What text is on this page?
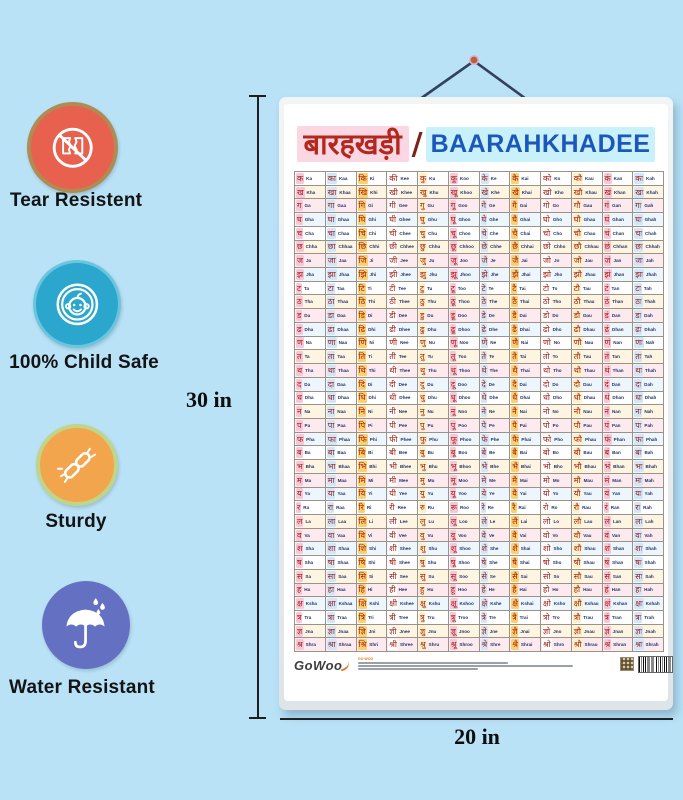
Tear Resistent
100% Child Safe
Sturdy
Water Resistant
30 in
20 in
बारहखड़ी / BAARAHKHADEE
क Ka का Kaa कि Ki की Kee कु Ku कू Koo के Ke कै Kai को Ko कौ Kau कं Kan कः Kah
ख Kha खा Khaa खि Khi खी Khee खु Khu खू Khoo खे Khe खै Khai खो Kho खौ Khau खं Khan खः Khah
ग Ga गा Gaa गि Gi गी Gee गु Gu गू Goo गे Ge गै Gai गो Go गौ Gau गं Gan गः Gah
घ Gha घा Ghaa घि Ghi घी Ghee घु Ghu घू Ghoo घे Ghe घै Ghai घो Gho घौ Ghau घं Ghan घः Ghah
च Cha चा Chaa चि Chi ची Chee चु Chu चू Choo चे Che चै Chai चो Cho चौ Chau चं Chan चः Chah
छ Chha छा Chhaa छि Chhi छी Chhee छु Chhu छू Chhoo छे Chhe छै Chhai छो Chho छौ Chhau छं Chhan छः Chhah
ज Ja जा Jaa जि Ji जी Jee जु Ju जू Joo जे Je जै Jai जो Jo जौ Jau जं Jan जः Jah
झ Jha झा Jhaa झि Jhi झी Jhee झु Jhu झू Jhoo झे Jhe झै Jhai झो Jho झौ Jhau झं Jhan झः Jhah
ट Ta टा Taa टि Ti टी Tee टु Tu टू Too टे Te टै Tai टो To टौ Tau टं Tan टः Tah
ठ Tha ठा Thaa ठि Thi ठी Thee ठु Thu ठू Thoo ठे The ठै Thai ठो Tho ठौ Thau ठं Than ठः Thah
ड Da डा Daa डि Di डी Dee डु Du डू Doo डे De डै Dai डो Do डौ Dau डं Dan डः Dah
ढ Dha ढा Dhaa ढि Dhi ढी Dhee ढु Dhu ढू Dhoo ढे Dhe ढै Dhai ढो Dho ढौ Dhau ढं Dhan ढः Dhah
ण Na णा Naa णि Ni णी Nee णु Nu णू Noo णे Ne णै Nai णो No णौ Nau णं Nan णः Nah
त Ta ता Taa ति Ti ती Tee तु Tu तू Too ते Te तै Tai तो To तौ Tau तं Tan तः Tah
थ Tha था Thaa थि Thi थी Thee थु Thu थू Thoo थे The थै Thai थो Tho थौ Thau थं Than थः Thah
द Da दा Daa दि Di दी Dee दु Du दू Doo दे De दै Dai दो Do दौ Dau दं Dan दः Dah
ध Dha धा Dhaa धि Dhi धी Dhee धु Dhu धू Dhoo धे Dhe धै Dhai धो Dho धौ Dhau धं Dhan धः Dhah
न Na ना Naa नि Ni नी Nee नु Nu नू Noo ने Ne नै Nai नो No नौ Nau नं Nan नः Nah
प Pa पा Paa पि Pi पी Pee पु Pu पू Poo पे Pe पै Pai पो Po पौ Pau पं Pan पः Pah
फ Pha फा Phaa फि Phi फी Phee फु Phu फू Phoo फे Phe फै Phai फो Pho फौ Phau फं Phan फः Phah
ब Ba बा Baa बि Bi बी Bee बु Bu बू Boo बे Be बै Bai बो Bo बौ Bau बं Ban बः Bah
भ Bha भा Bhaa भि Bhi भी Bhee भु Bhu भू Bhoo भे Bhe भै Bhai भो Bho भौ Bhau भं Bhan भः Bhah
म Ma मा Maa मि Mi मी Mee मु Mu मू Moo मे Me मै Mai मो Mo मौ Mau मं Man मः Mah
य Ya या Yaa यि Yi यी Yee यु Yu यू Yoo ये Ye यै Yai यो Yo यौ Yau यं Yan यः Yah
र Ra रा Raa रि Ri री Ree रु Ru रू Roo रे Re रै Rai रो Ro रौ Rau रं Ran रः Rah
ल La ला Laa लि Li ली Lee लु Lu लू Loo ले Le लै Lai लो Lo लौ Lau लं Lan लः Lah
व Va वा Vaa वि Vi वी Vee वु Vu वू Voo वे Ve वै Vai वो Vo वौ Vau वं Van वः Vah
श Sha शा Shaa शि Shi शी Shee शु Shu शू Shoo शे She शै Shai शो Sho शौ Shau शं Shan शः Shah
ष Sha षा Shaa षि Shi षी Shee षु Shu षू Shoo षे She षै Shai षो Sho षौ Shau षं Shan षः Shah
स Sa सा Saa सि Si सी See सु Su सू Soo से Se सै Sai सो So सौ Sau सं San सः Sah
ह Ha हा Haa हि Hi ही Hee हु Hu हू Hoo हे He है Hai हो Ho हौ Hau हं Han हः Hah
क्ष Ksha क्षा Kshaa क्षि Kshi क्षी Kshee क्षु Kshu क्षू Kshoo क्षे Kshe क्षै Kshai क्षो Ksho क्षौ Kshau क्षं Kshan क्षः Kshah
त्र Tra त्रा Traa त्रि Tri त्री Tree त्रु Tru त्रू Troo त्रे Tre त्रै Trai त्रो Tro त्रौ Trau त्रं Tran त्रः Trah
ज्ञ Jna ज्ञा Jnaa ज्ञि Jni ज्ञी Jnee ज्ञु Jnu ज्ञू Jnoo ज्ञे Jne ज्ञै Jnai ज्ञो Jno ज्ञौ Jnau ज्ञं Jnan ज्ञः Jnah
श्र Shra श्रा Shraa श्रि Shri श्री Shree श्रु Shru श्रू Shroo श्रे Shre श्रै Shrai श्रो Shro श्रौ Shrau श्रं Shran श्रः Shrah
GoWoo	GO WOO
